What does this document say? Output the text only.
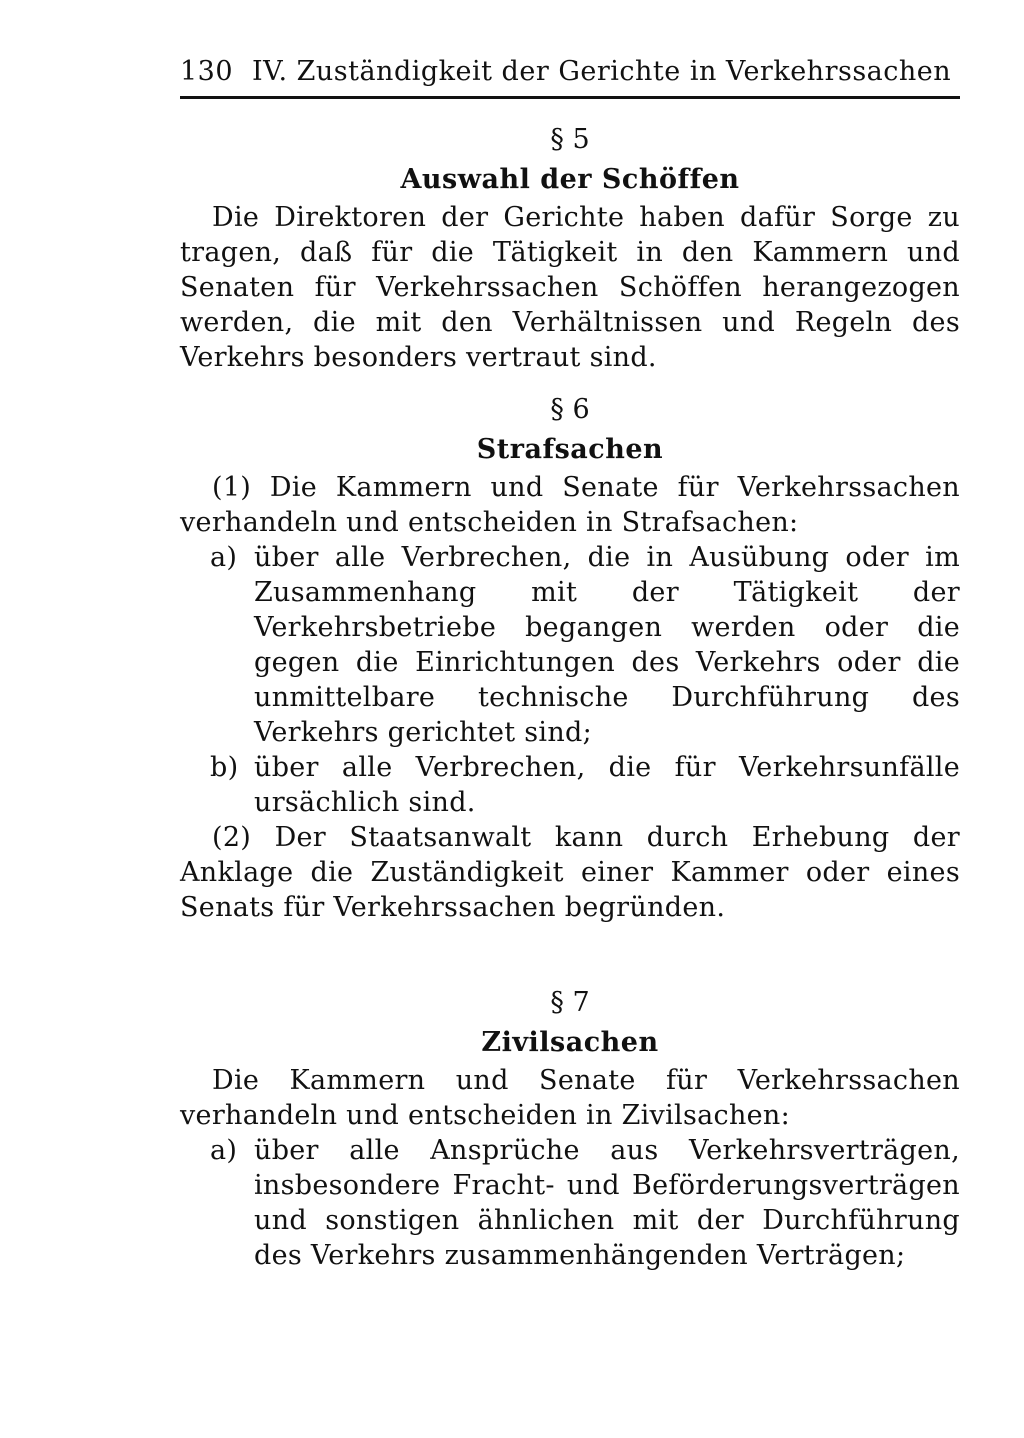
130 IV. Zuständigkeit der Gerichte in Verkehrssachen
§ 5
Auswahl der Schöffen

Die Direktoren der Gerichte haben dafür Sorge zu tragen, daß für die Tätigkeit in den Kammern und Senaten für Verkehrssachen Schöffen herangezogen werden, die mit den Verhältnissen und Regeln des Verkehrs besonders vertraut sind.

§ 6
Strafsachen

(1) Die Kammern und Senate für Verkehrssachen verhandeln und entscheiden in Strafsachen:

a) über alle Verbrechen, die in Ausübung oder im Zusammenhang mit der Tätigkeit der Verkehrsbetriebe begangen werden oder die gegen die Einrichtungen des Verkehrs oder die unmittelbare technische Durchführung des Verkehrs gerichtet sind;
b) über alle Verbrechen, die für Verkehrsunfälle ursächlich sind.

(2) Der Staatsanwalt kann durch Erhebung der Anklage die Zuständigkeit einer Kammer oder eines Senats für Verkehrssachen begründen.

§ 7
Zivilsachen

Die Kammern und Senate für Verkehrssachen verhandeln und entscheiden in Zivilsachen:

a) über alle Ansprüche aus Verkehrsverträgen, insbesondere Fracht- und Beförderungsverträgen und sonstigen ähnlichen mit der Durchführung des Verkehrs zusammenhängenden Verträgen;
